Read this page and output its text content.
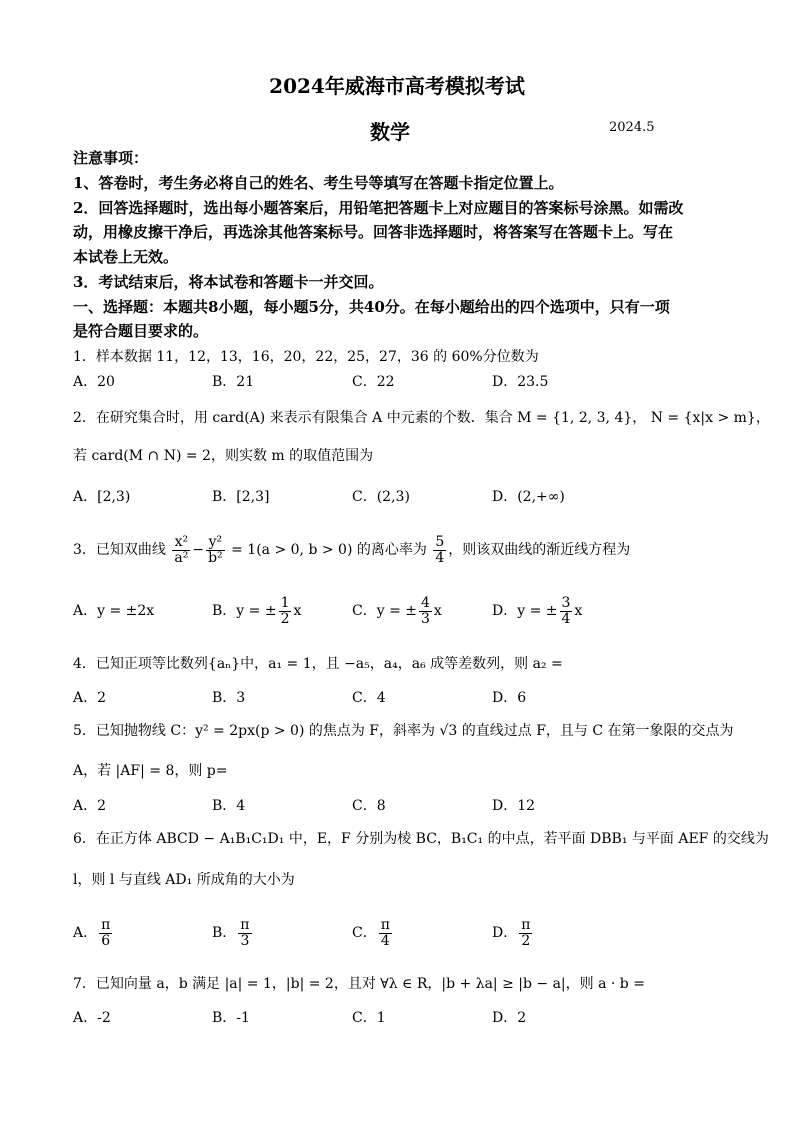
2024年威海市高考模拟考试
数学	2024.5
注意事项：
1、答卷时，考生务必将自己的姓名、考生号等填写在答题卡指定位置上。
2．回答选择题时，选出每小题答案后，用铅笔把答题卡上对应题目的答案标号涂黑。如需改
动，用橡皮擦干净后，再选涂其他答案标号。回答非选择题时，将答案写在答题卡上。写在
本试卷上无效。
3．考试结束后，将本试卷和答题卡一并交回。
一、选择题：本题共8小题，每小题5分，共40分。在每小题给出的四个选项中，只有一项
是符合题目要求的。
1．样本数据 11，12，13，16，20，22，25，27，36 的 60%分位数为
A．20	B．21	C．22	D．23.5
2．在研究集合时，用 card(A) 来表示有限集合 A 中元素的个数．集合 M = {1, 2, 3, 4}， N = {x|x > m}，
若 card(M ∩ N) = 2，则实数 m 的取值范围为
A．[2,3)	B．[2,3]	C．(2,3)	D．(2,+∞)
3．已知双曲线 $\frac{\text{x²}}{\text{a²}} - \frac{\text{y²}}{\text{b²}} = 1(a > 0$, b > 0) 的离心率为 $\frac{5}{4}$ ，则该双曲线的渐近线方程为
A．y = ±2x	B．y = ± $\frac{1}{2}$ x	C．y = ± $\frac{4}{3}$ x	D．y = ± $\frac{3}{4}$ x
4．已知正项等比数列{aₙ}中，a₁ = 1，且 −a₅，a₄，a₆ 成等差数列，则 a₂ =
A．2	B．3	C．4	D．6
5．已知抛物线 C：y² = 2px(p > 0) 的焦点为 F，斜率为 √3 的直线过点 F，且与 C 在第一象限的交点为
A，若 |AF| = 8，则 p=
A．2	B．4	C．8	D．12
6．在正方体 ABCD − A₁B₁C₁D₁ 中，E，F 分别为棱 BC，B₁C₁ 的中点，若平面 DBB₁ 与平面 AEF 的交线为
l，则 l 与直线 AD₁ 所成角的大小为
A． $\frac{\pi}{6}$	B． $\frac{\pi}{3}$	C． $\frac{\pi}{4}$	D． $\frac{\pi}{2}$
7．已知向量 a，b 满足 |a| = 1，|b| = 2，且对 ∀λ ∈ R，|b + λa| ≥ |b − a|，则 a · b =
A．-2	B．-1	C．1	D．2
